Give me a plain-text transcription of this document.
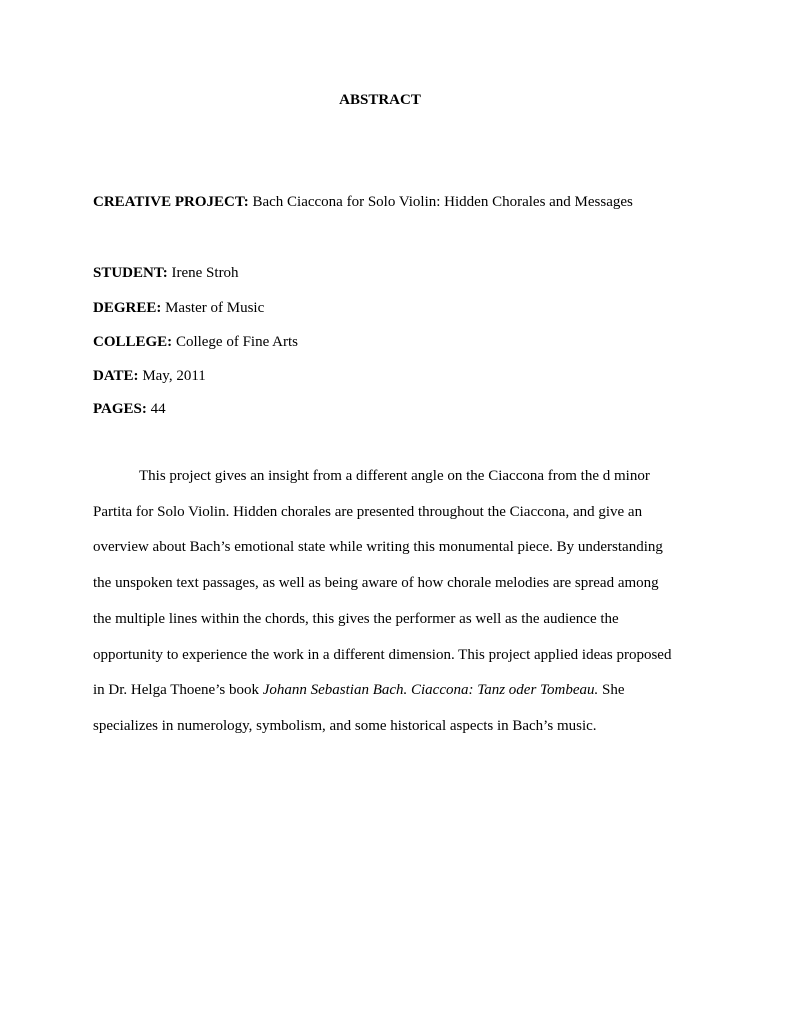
ABSTRACT

CREATIVE PROJECT: Bach Ciaccona for Solo Violin: Hidden Chorales and Messages

STUDENT: Irene Stroh

DEGREE: Master of Music

COLLEGE: College of Fine Arts

DATE: May, 2011

PAGES: 44

This project gives an insight from a different angle on the Ciaccona from the d minor
Partita for Solo Violin. Hidden chorales are presented throughout the Ciaccona, and give an
overview about Bach’s emotional state while writing this monumental piece. By understanding
the unspoken text passages, as well as being aware of how chorale melodies are spread among
the multiple lines within the chords, this gives the performer as well as the audience the
opportunity to experience the work in a different dimension. This project applied ideas proposed
in Dr. Helga Thoene’s book Johann Sebastian Bach. Ciaccona: Tanz oder Tombeau. She
specializes in numerology, symbolism, and some historical aspects in Bach’s music.
